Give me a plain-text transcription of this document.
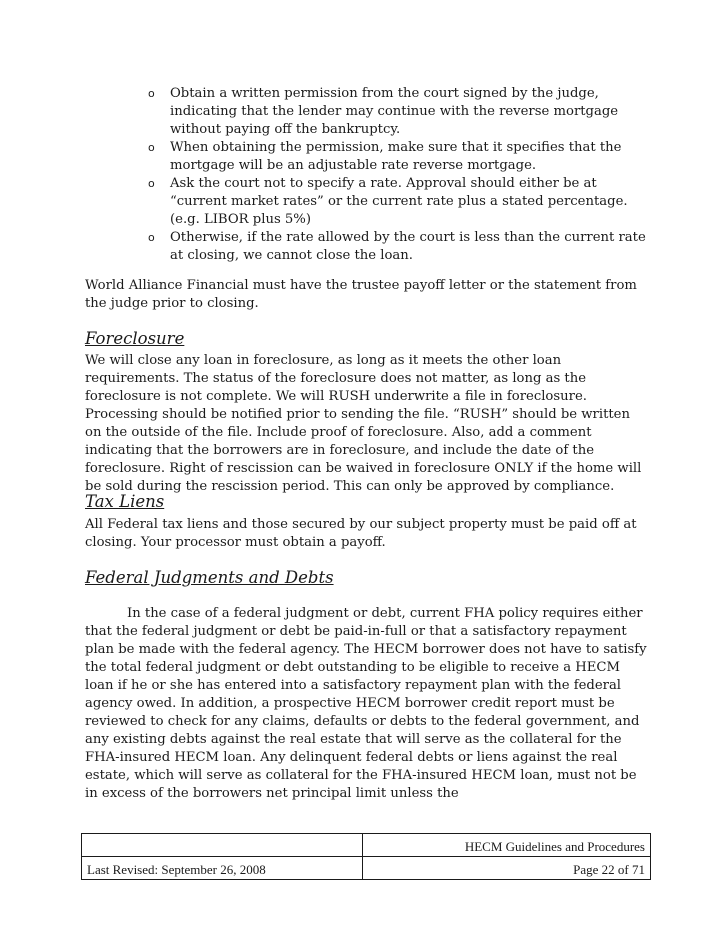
o Obtain a written permission from the court signed by the judge, indicating that the lender may continue with the reverse mortgage without paying off the bankruptcy.
o When obtaining the permission, make sure that it specifies that the mortgage will be an adjustable rate reverse mortgage.
o Ask the court not to specify a rate. Approval should either be at “current market rates” or the current rate plus a stated percentage. (e.g. LIBOR plus 5%)
o Otherwise, if the rate allowed by the court is less than the current rate at closing, we cannot close the loan.
World Alliance Financial must have the trustee payoff letter or the statement from the judge prior to closing.
Foreclosure
We will close any loan in foreclosure, as long as it meets the other loan requirements. The status of the foreclosure does not matter, as long as the foreclosure is not complete. We will RUSH underwrite a file in foreclosure. Processing should be notified prior to sending the file. “RUSH” should be written on the outside of the file. Include proof of foreclosure. Also, add a comment indicating that the borrowers are in foreclosure, and include the date of the foreclosure. Right of rescission can be waived in foreclosure ONLY if the home will be sold during the rescission period. This can only be approved by compliance.
Tax Liens
All Federal tax liens and those secured by our subject property must be paid off at closing. Your processor must obtain a payoff.
Federal Judgments and Debts
In the case of a federal judgment or debt, current FHA policy requires either that the federal judgment or debt be paid-in-full or that a satisfactory repayment plan be made with the federal agency. The HECM borrower does not have to satisfy the total federal judgment or debt outstanding to be eligible to receive a HECM loan if he or she has entered into a satisfactory repayment plan with the federal agency owed. In addition, a prospective HECM borrower credit report must be reviewed to check for any claims, defaults or debts to the federal government, and any existing debts against the real estate that will serve as the collateral for the FHA-insured HECM loan. Any delinquent federal debts or liens against the real estate, which will serve as collateral for the FHA-insured HECM loan, must not be in excess of the borrowers net principal limit unless the
	HECM Guidelines and Procedures
Last Revised: September 26, 2008	Page 22 of 71
